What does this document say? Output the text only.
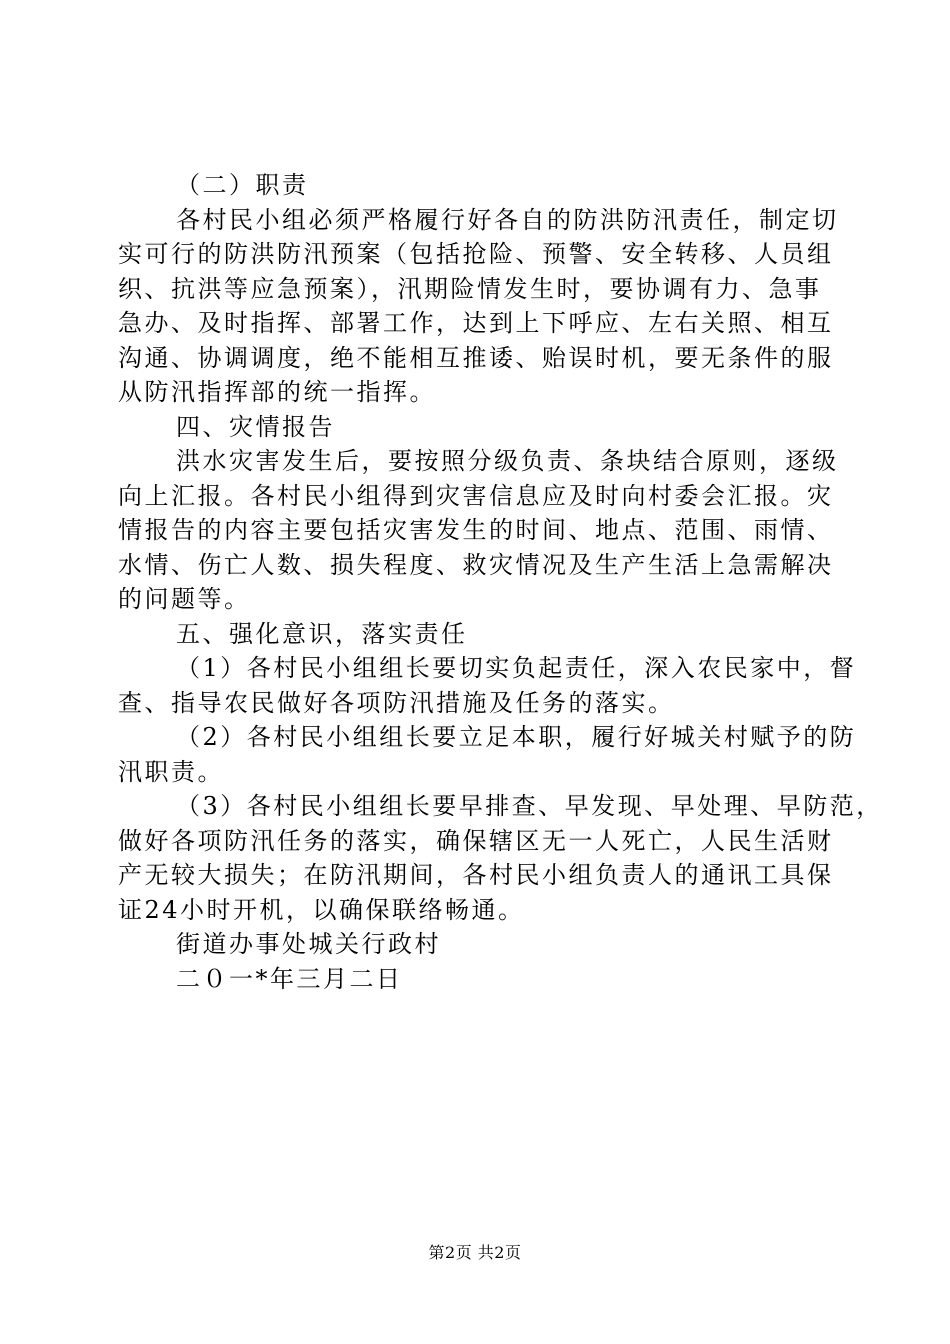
（二）职责
各村民小组必须严格履行好各自的防洪防汛责任，制定切
实可行的防洪防汛预案（包括抢险、预警、安全转移、人员组
织、抗洪等应急预案），汛期险情发生时，要协调有力、急事
急办、及时指挥、部署工作，达到上下呼应、左右关照、相互
沟通、协调调度，绝不能相互推诿、贻误时机，要无条件的服
从防汛指挥部的统一指挥。
四、灾情报告
洪水灾害发生后，要按照分级负责、条块结合原则，逐级
向上汇报。各村民小组得到灾害信息应及时向村委会汇报。灾
情报告的内容主要包括灾害发生的时间、地点、范围、雨情、
水情、伤亡人数、损失程度、救灾情况及生产生活上急需解决
的问题等。
五、强化意识，落实责任
（1）各村民小组组长要切实负起责任，深入农民家中，督
查、指导农民做好各项防汛措施及任务的落实。
（2）各村民小组组长要立足本职，履行好城关村赋予的防
汛职责。
（3）各村民小组组长要早排查、早发现、早处理、早防范，
做好各项防汛任务的落实，确保辖区无一人死亡，人民生活财
产无较大损失；在防汛期间，各村民小组负责人的通讯工具保
证24小时开机，以确保联络畅通。
街道办事处城关行政村
二０一*年三月二日
第2页 共2页
